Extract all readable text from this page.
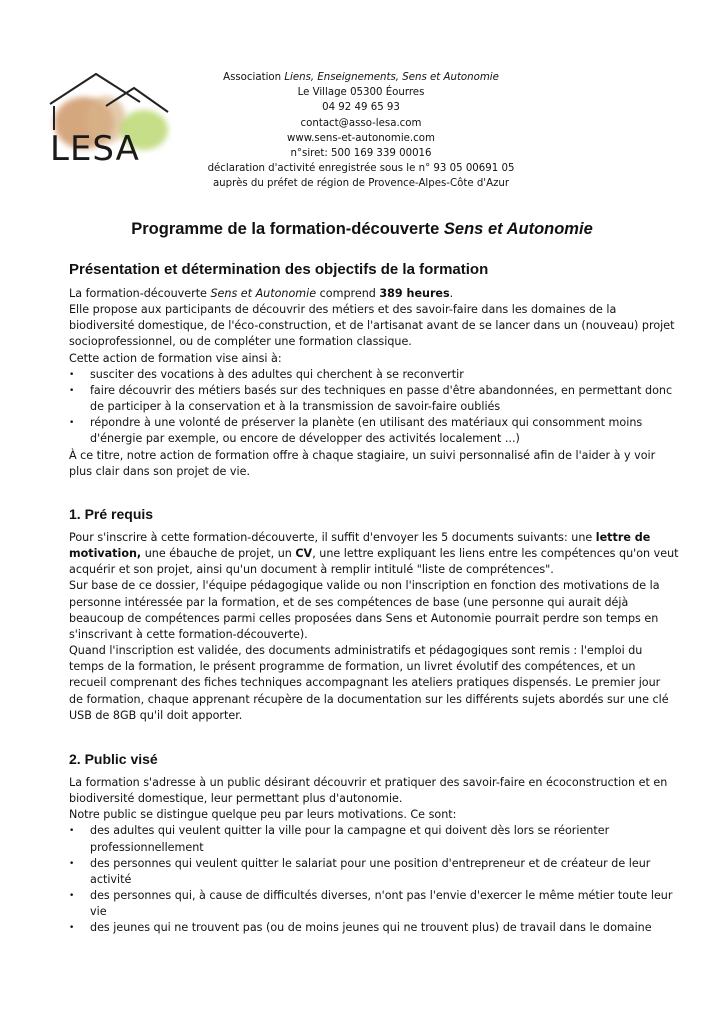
LESA
Association Liens, Enseignements, Sens et Autonomie
Le Village 05300 Éourres
04 92 49 65 93
contact@asso-lesa.com
www.sens-et-autonomie.com
n°siret: 500 169 339 00016
déclaration d'activité enregistrée sous le n° 93 05 00691 05
auprès du préfet de région de Provence-Alpes-Côte d'Azur
Programme de la formation-découverte Sens et Autonomie
Présentation et détermination des objectifs de la formation

La formation-découverte Sens et Autonomie comprend 389 heures.

Elle propose aux participants de découvrir des métiers et des savoir-faire dans les domaines de la

biodiversité domestique, de l'éco-construction, et de l'artisanat avant de se lancer dans un (nouveau) projet

socioprofessionnel, ou de compléter une formation classique.

Cette action de formation vise ainsi à:

• susciter des vocations à des adultes qui cherchent à se reconvertir
• faire découvrir des métiers basés sur des techniques en passe d'être abandonnées, en permettant donc
de participer à la conservation et à la transmission de savoir-faire oubliés
• répondre à une volonté de préserver la planète (en utilisant des matériaux qui consomment moins
d'énergie par exemple, ou encore de développer des activités localement ...)

À ce titre, notre action de formation offre à chaque stagiaire, un suivi personnalisé afin de l'aider à y voir

plus clair dans son projet de vie.

1. Pré requis

Pour s'inscrire à cette formation-découverte, il suffit d'envoyer les 5 documents suivants: une lettre de

motivation, une ébauche de projet, un CV, une lettre expliquant les liens entre les compétences qu'on veut

acquérir et son projet, ainsi qu'un document à remplir intitulé "liste de comprétences".

Sur base de ce dossier, l'équipe pédagogique valide ou non l'inscription en fonction des motivations de la

personne intéressée par la formation, et de ses compétences de base (une personne qui aurait déjà

beaucoup de compétences parmi celles proposées dans Sens et Autonomie pourrait perdre son temps en

s'inscrivant à cette formation-découverte).

Quand l'inscription est validée, des documents administratifs et pédagogiques sont remis : l'emploi du

temps de la formation, le présent programme de formation, un livret évolutif des compétences, et un

recueil comprenant des fiches techniques accompagnant les ateliers pratiques dispensés. Le premier jour

de formation, chaque apprenant récupère de la documentation sur les différents sujets abordés sur une clé

USB de 8GB qu'il doit apporter.

2. Public visé

La formation s'adresse à un public désirant découvrir et pratiquer des savoir-faire en écoconstruction et en

biodiversité domestique, leur permettant plus d'autonomie.

Notre public se distingue quelque peu par leurs motivations. Ce sont:

• des adultes qui veulent quitter la ville pour la campagne et qui doivent dès lors se réorienter
professionnellement
• des personnes qui veulent quitter le salariat pour une position d'entrepreneur et de créateur de leur
activité
• des personnes qui, à cause de difficultés diverses, n'ont pas l'envie d'exercer le même métier toute leur
vie
• des jeunes qui ne trouvent pas (ou de moins jeunes qui ne trouvent plus) de travail dans le domaine
